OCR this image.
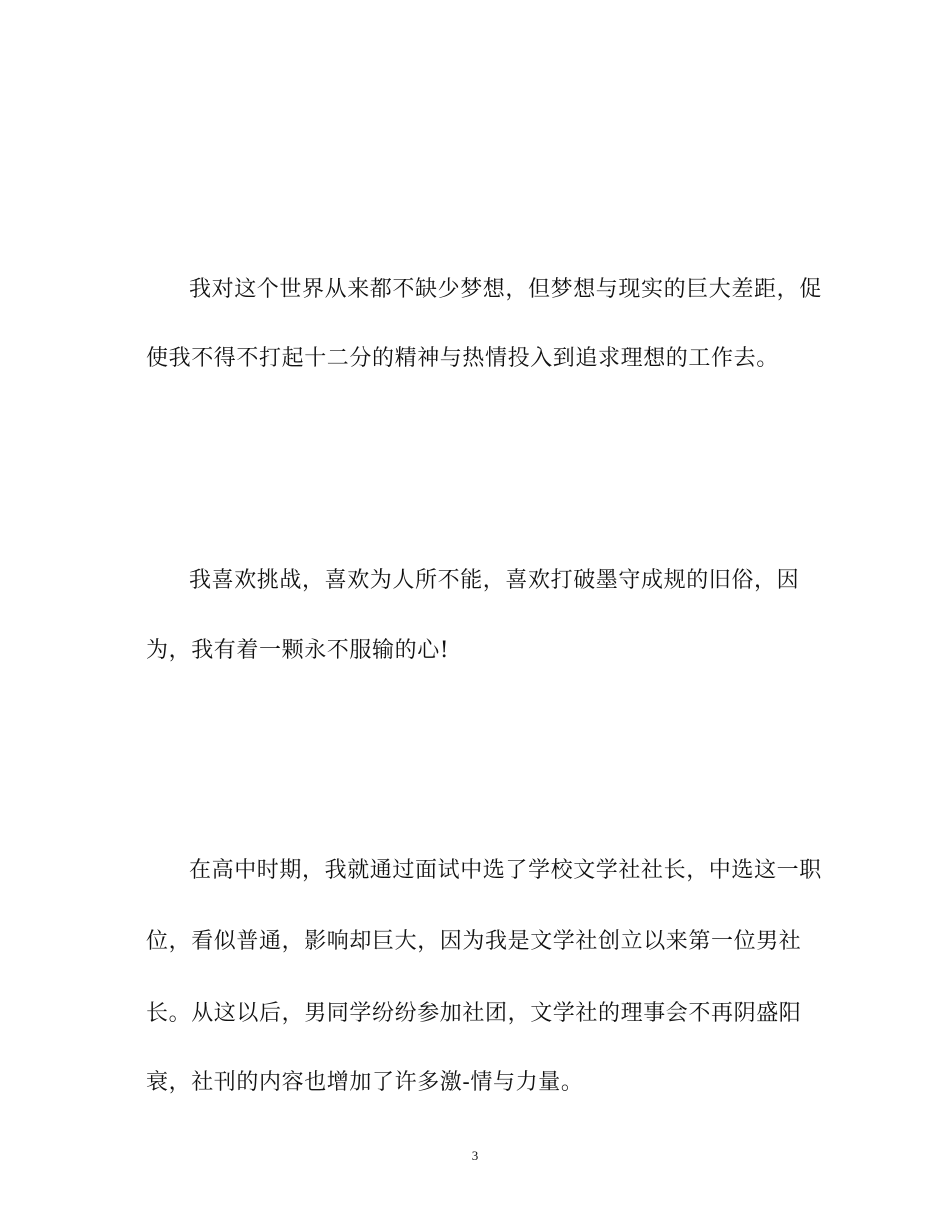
我对这个世界从来都不缺少梦想，但梦想与现实的巨大差距，促
使我不得不打起十二分的精神与热情投入到追求理想的工作去。
我喜欢挑战，喜欢为人所不能，喜欢打破墨守成规的旧俗，因
为，我有着一颗永不服输的心!
在高中时期，我就通过面试中选了学校文学社社长，中选这一职
位，看似普通，影响却巨大，因为我是文学社创立以来第一位男社
长。从这以后，男同学纷纷参加社团，文学社的理事会不再阴盛阳
衰，社刊的内容也增加了许多激-情与力量。
3
